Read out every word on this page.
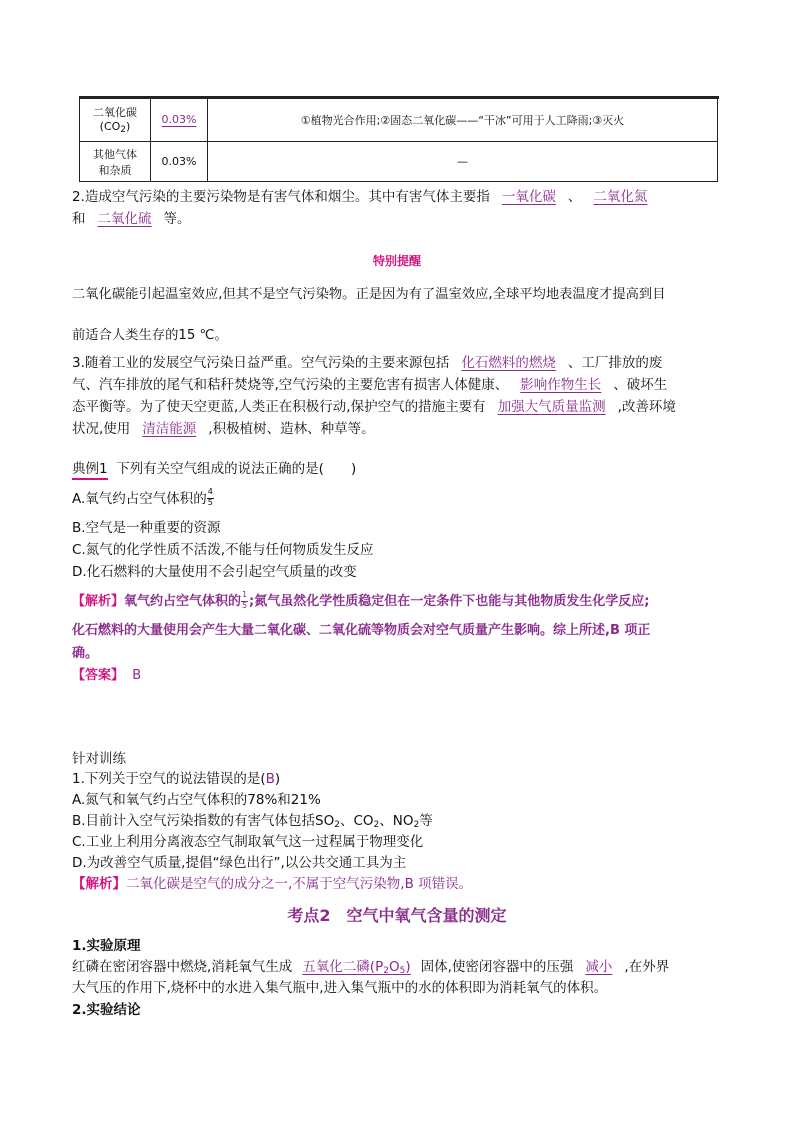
二氧化碳
$(CO_2)$	0.03%	①植物光合作用;②固态二氧化碳——“干冰”可用于人工降雨;③灭火

其他气体
和杂质	0.03%	—
2.造成空气污染的主要污染物是有害气体和烟尘。其中有害气体主要指 一氧化碳 、 二氧化氮
和 二氧化硫 等。
特别提醒
二氧化碳能引起温室效应,但其不是空气污染物。正是因为有了温室效应,全球平均地表温度才提高到目
前适合人类生存的15 ℃。
3.随着工业的发展空气污染日益严重。空气污染的主要来源包括 化石燃料的燃烧 、工厂排放的废
气、汽车排放的尾气和秸秆焚烧等,空气污染的主要危害有损害人体健康、 影响作物生长 、破坏生
态平衡等。为了使天空更蓝,人类正在积极行动,保护空气的措施主要有 加强大气质量监测 ,改善环境
状况,使用 清洁能源 ,积极植树、造林、种草等。
典例1 下列有关空气组成的说法正确的是(　　)
A.氧气约占空气体积的 $\frac{4}{5}$
B.空气是一种重要的资源
C.氮气的化学性质不活泼,不能与任何物质发生反应
D.化石燃料的大量使用不会引起空气质量的改变
【解析】氧气约占空气体积的 $\frac{1}{5}$ ;氮气虽然化学性质稳定但在一定条件下也能与其他物质发生化学反应;
化石燃料的大量使用会产生大量二氧化碳、二氧化硫等物质会对空气质量产生影响。综上所述,B 项正
确。
【答案】 B
针对训练
1.下列关于空气的说法错误的是(B)
A.氮气和氧气约占空气体积的78%和21%
B.目前计入空气污染指数的有害气体包括$SO_2$、$CO_2$、$NO_2$等
C.工业上利用分离液态空气制取氧气这一过程属于物理变化
D.为改善空气质量,提倡“绿色出行”,以公共交通工具为主
【解析】二氧化碳是空气的成分之一,不属于空气污染物,B 项错误。
考点2　空气中氧气含量的测定
1.实验原理
红磷在密闭容器中燃烧,消耗氧气生成 五氧化二磷$(P_2O_5)$ 固体,使密闭容器中的压强 减小 ,在外界
大气压的作用下,烧杯中的水进入集气瓶中,进入集气瓶中的水的体积即为消耗氧气的体积。
2.实验结论
